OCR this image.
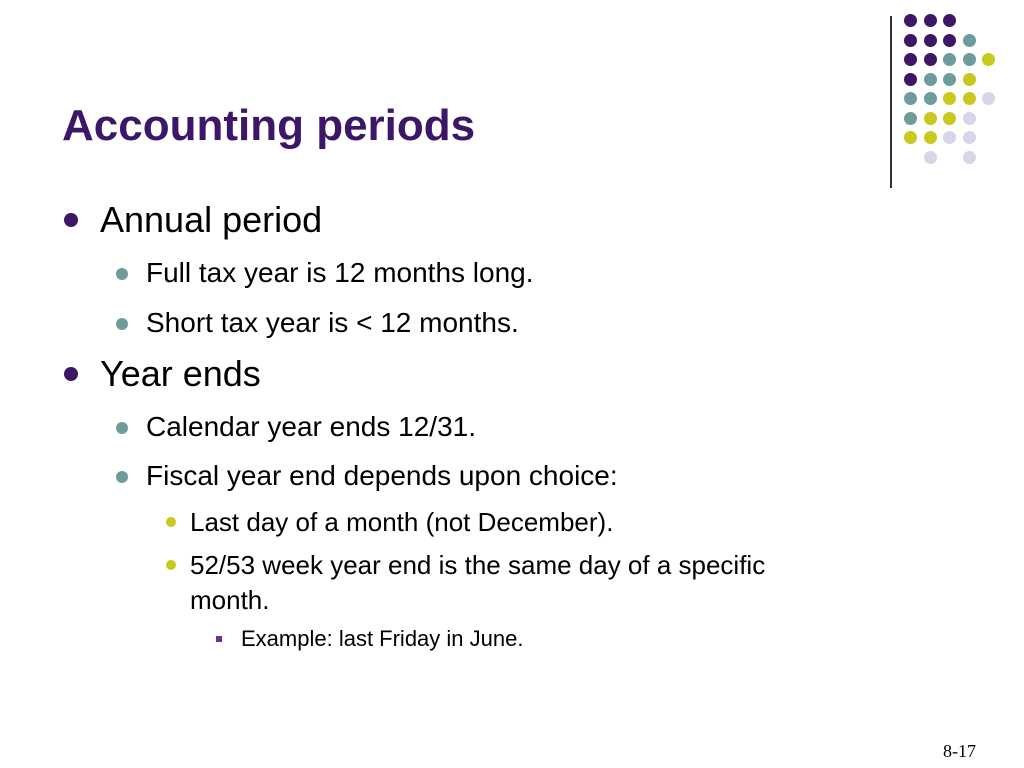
Accounting periods
Annual period
Full tax year is 12 months long.
Short tax year is < 12 months.
Year ends
Calendar year ends 12/31.
Fiscal year end depends upon choice:
Last day of a month (not December).
52/53 week year end is the same day of a specific
month.
Example: last Friday in June.
8-17
